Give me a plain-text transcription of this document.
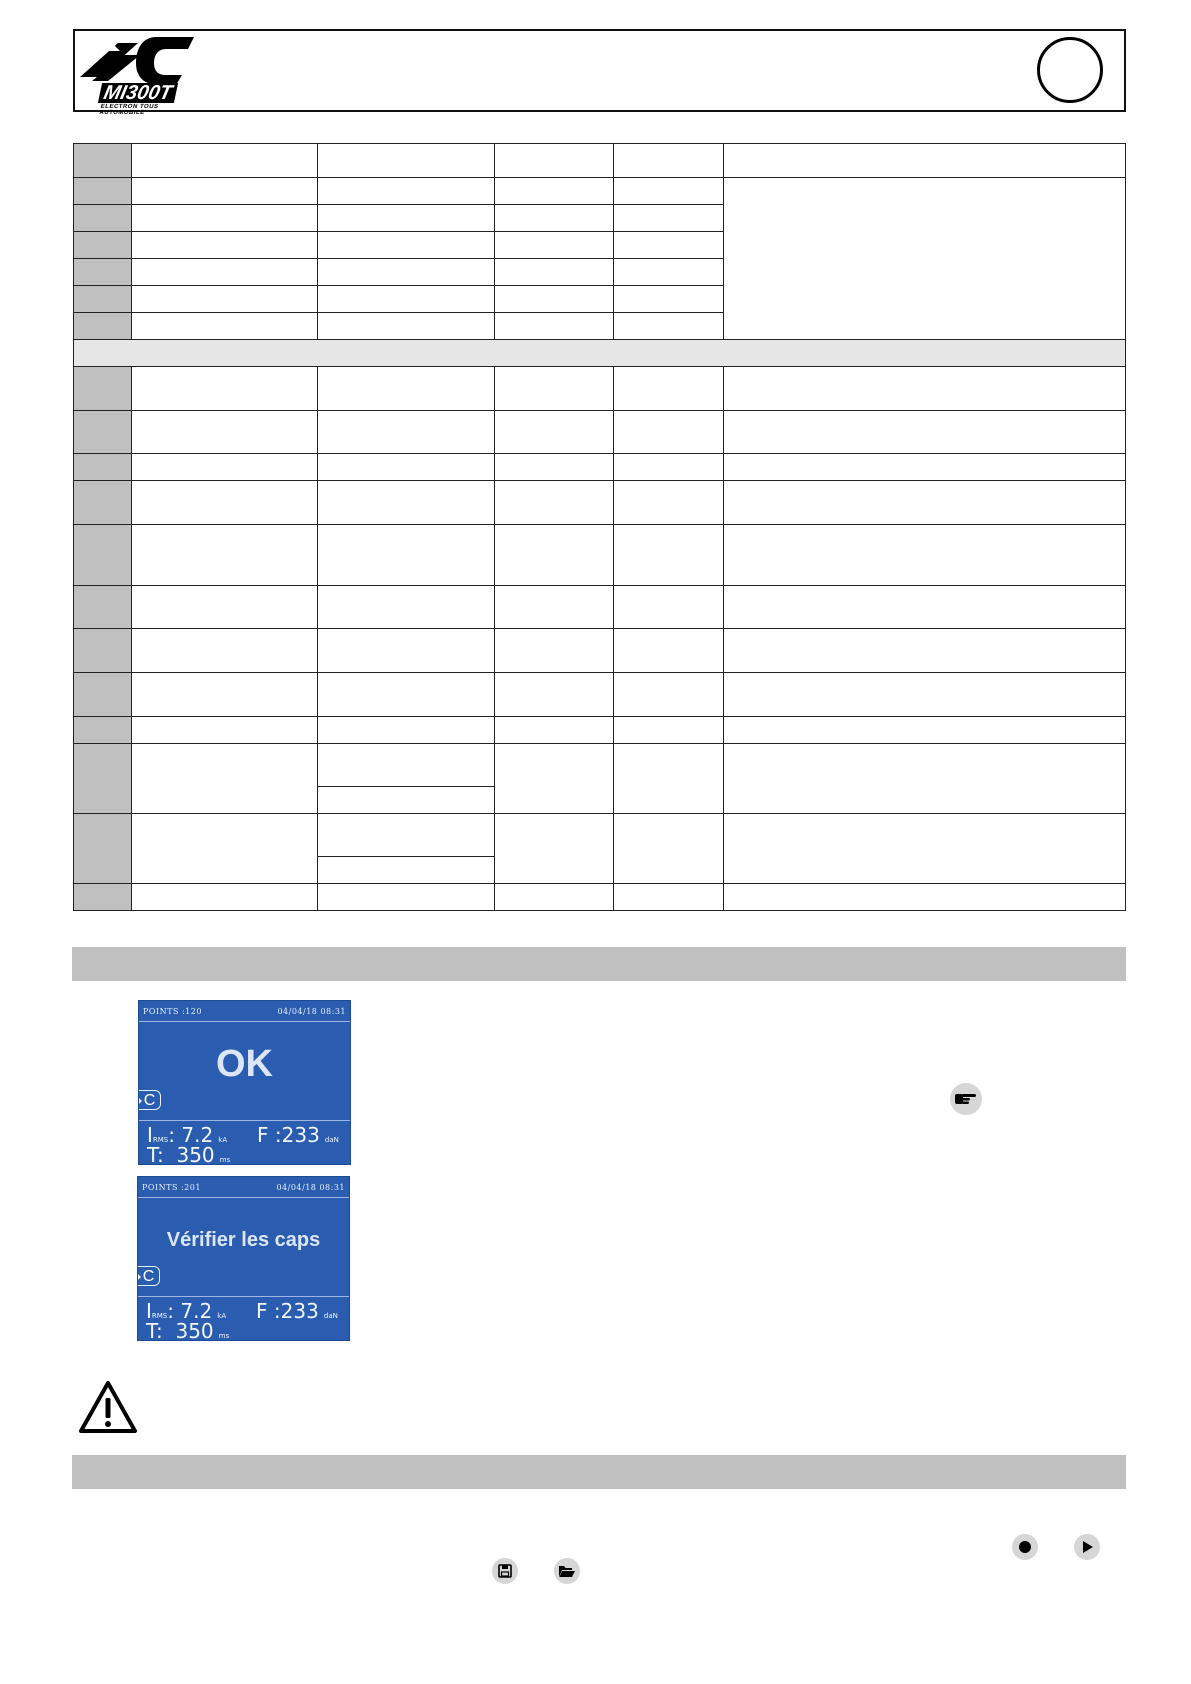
MI300T
ELECTRON TOUS AUTOMOBILE

POINTS :120	04/04/18 08:31
OK
C
IRMS: 7.2 kA F :233 daN
T:  350 ms
POINTS :201	04/04/18 08:31
Vérifier les caps
C
IRMS: 7.2 kA F :233 daN
T:  350 ms
